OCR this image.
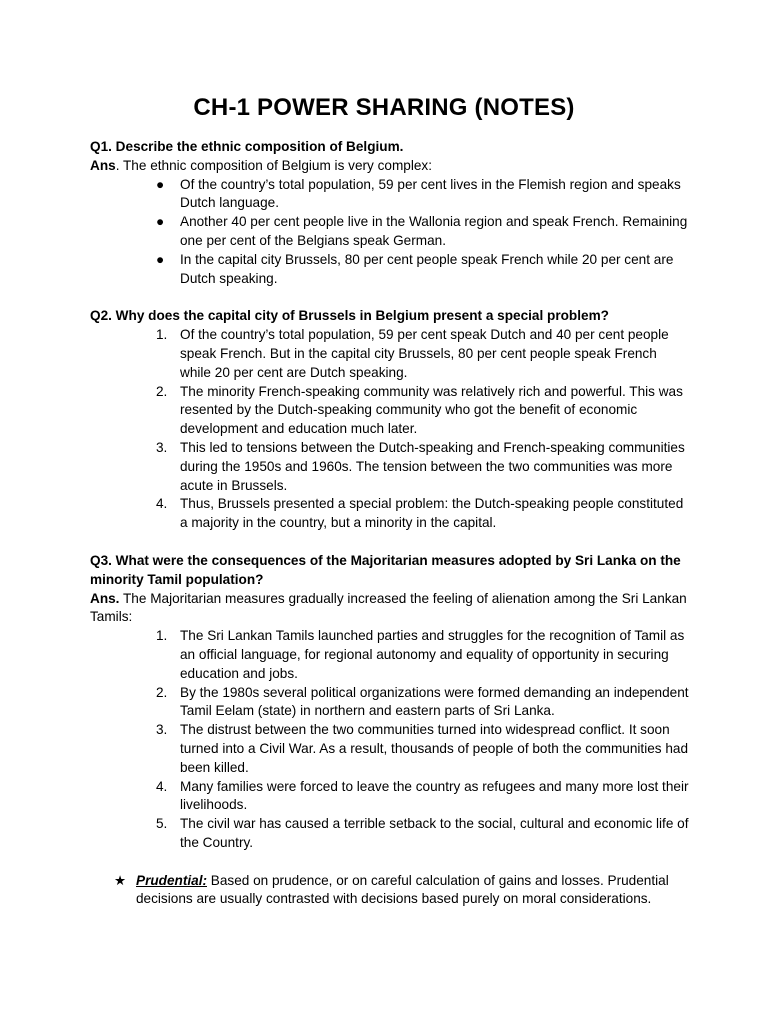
CH-1 POWER SHARING (NOTES)

Q1. Describe the ethnic composition of Belgium.

Ans. The ethnic composition of Belgium is very complex:

●	Of the country’s total population, 59 per cent lives in the Flemish region and speaks Dutch language.
●	Another 40 per cent people live in the Wallonia region and speak French. Remaining one per cent of the Belgians speak German.
●	In the capital city Brussels, 80 per cent people speak French while 20 per cent are Dutch speaking.

Q2. Why does the capital city of Brussels in Belgium present a special problem?

1. Of the country’s total population, 59 per cent speak Dutch and 40 per cent people speak French. But in the capital city Brussels, 80 per cent people speak French while 20 per cent are Dutch speaking.
2. The minority French-speaking community was relatively rich and powerful. This was resented by the Dutch-speaking community who got the benefit of economic development and education much later.
3. This led to tensions between the Dutch-speaking and French-speaking communities during the 1950s and 1960s. The tension between the two communities was more acute in Brussels.
4. Thus, Brussels presented a special problem: the Dutch-speaking people constituted a majority in the country, but a minority in the capital.

Q3. What were the consequences of the Majoritarian measures adopted by Sri Lanka on the

minority Tamil population?

Ans. The Majoritarian measures gradually increased the feeling of alienation among the Sri Lankan Tamils:

1. The Sri Lankan Tamils launched parties and struggles for the recognition of Tamil as an official language, for regional autonomy and equality of opportunity in securing education and jobs.
2. By the 1980s several political organizations were formed demanding an independent Tamil Eelam (state) in northern and eastern parts of Sri Lanka.
3. The distrust between the two communities turned into widespread conflict. It soon turned into a Civil War. As a result, thousands of people of both the communities had been killed.
4. Many families were forced to leave the country as refugees and many more lost their livelihoods.
5. The civil war has caused a terrible setback to the social, cultural and economic life of the Country.

★ Prudential: Based on prudence, or on careful calculation of gains and losses. Prudential decisions are usually contrasted with decisions based purely on moral considerations.
